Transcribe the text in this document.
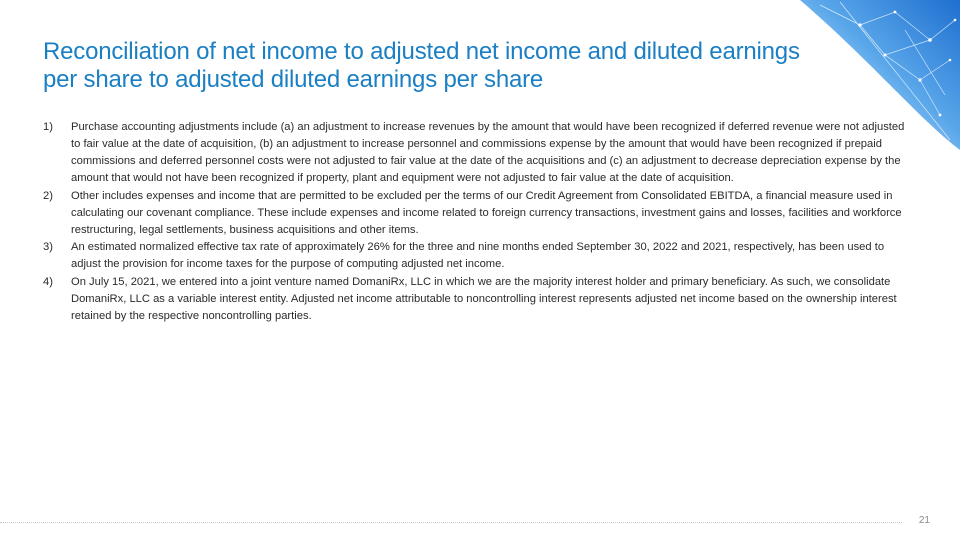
Reconciliation of net income to adjusted net income and diluted earnings per share to adjusted diluted earnings per share
1)	Purchase accounting adjustments include (a) an adjustment to increase revenues by the amount that would have been recognized if deferred revenue were not adjusted to fair value at the date of acquisition, (b) an adjustment to increase personnel and commissions expense by the amount that would have been recognized if prepaid commissions and deferred personnel costs were not adjusted to fair value at the date of the acquisitions and (c) an adjustment to decrease depreciation expense by the amount that would not have been recognized if property, plant and equipment were not adjusted to fair value at the date of acquisition.
2)	Other includes expenses and income that are permitted to be excluded per the terms of our Credit Agreement from Consolidated EBITDA, a financial measure used in calculating our covenant compliance. These include expenses and income related to foreign currency transactions, investment gains and losses, facilities and workforce restructuring, legal settlements, business acquisitions and other items.
3)	An estimated normalized effective tax rate of approximately 26% for the three and nine months ended September 30, 2022 and 2021, respectively, has been used to adjust the provision for income taxes for the purpose of computing adjusted net income.
4)	On July 15, 2021, we entered into a joint venture named DomaniRx, LLC in which we are the majority interest holder and primary beneficiary. As such, we consolidate DomaniRx, LLC as a variable interest entity. Adjusted net income attributable to noncontrolling interest represents adjusted net income based on the ownership interest retained by the respective noncontrolling parties.
21
